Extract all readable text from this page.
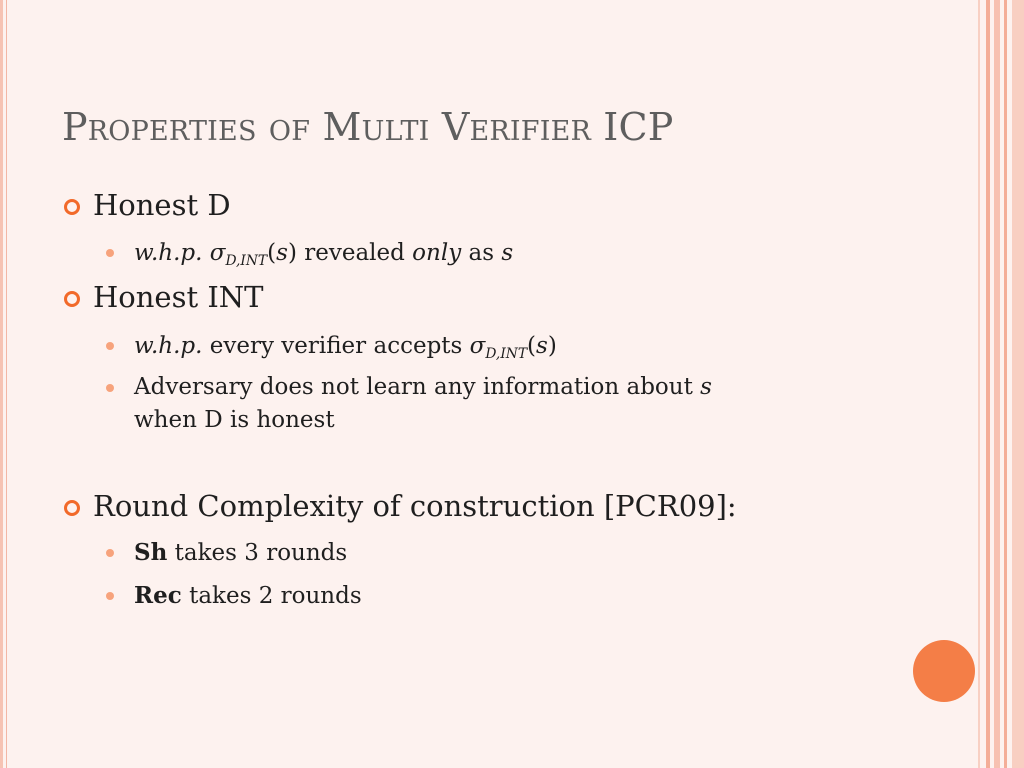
Properties of Multi Verifier ICP
Honest D
w.h.p. $\sigma_{D,INT}(s)$ revealed only as s
Honest INT
w.h.p. every verifier accepts $\sigma_{D,INT}(s)$
Adversary does not learn any information about s
when D is honest
Round Complexity of construction [PCR09]:
Sh takes 3 rounds
Rec takes 2 rounds
